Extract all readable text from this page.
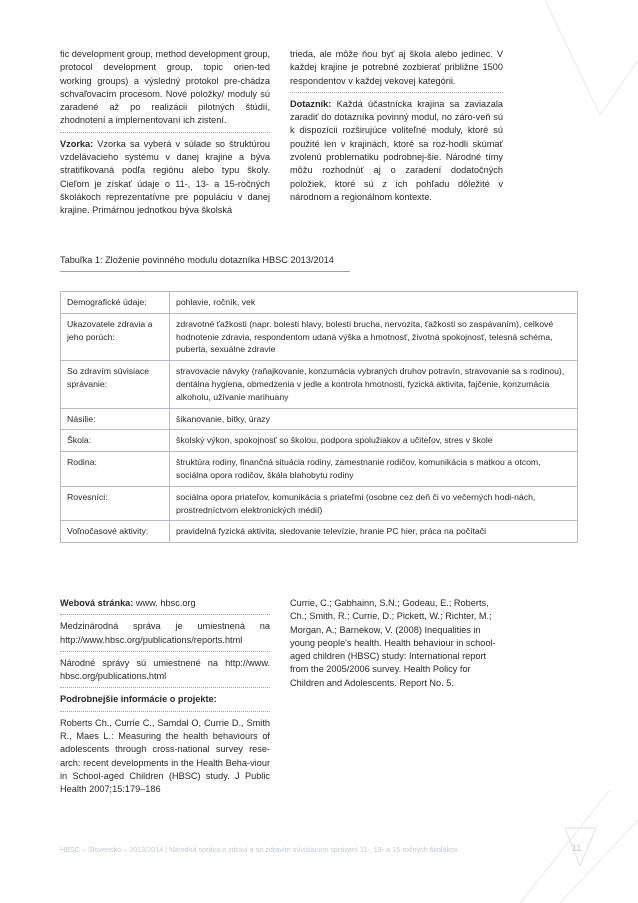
fic development group, method development group, protocol development group, topic orien-ted working groups) a výsledný protokol pre-chádza schvaľovacím procesom. Nové položky/ moduly sú zaradené až po realizácii pilotných štúdií, zhodnotení a implementovaní ich zistení.

Vzorka: Vzorka sa vyberá v súlade so štruktúrou vzdelávacieho systému v danej krajine a býva stratifikovaná podľa regiónu alebo typu školy. Cieľom je získať údaje o 11-, 13- a 15-ročných školákoch reprezentatívne pre populáciu v danej krajine. Primárnou jednotkou býva školská

trieda, ale môže ňou byť aj škola alebo jedinec. V každej krajine je potrebné zozbierať približne 1500 respondentov v každej vekovej kategórii.

Dotazník: Každá účastnícka krajina sa zaviazala zaradiť do dotazníka povinný modul, no záro-veň sú k dispozícii rozširujúce voliteľné moduly, ktoré sú použité len v krajinách, ktoré sa roz-hodli skúmať zvolenú problematiku podrobnej-šie. Národné tímy môžu rozhodnúť aj o zaradení dodatočných položiek, ktoré sú z ich pohľadu dôležité v národnom a regionálnom kontexte.

Tabuľka 1: Zloženie povinného modulu dotazníka HBSC 2013/2014
Demografické údaje:	pohlavie, ročník, vek
Ukazovatele zdravia a jeho porúch:	zdravotné ťažkosti (napr. bolesti hlavy, bolesti brucha, nervozita, ťažkosti so zaspávaním), celkové hodnotenie zdravia, respondentom udaná výška a hmotnosť, životná spokojnosť, telesná schéma, puberta, sexuálne zdravie
So zdravím súvisiace správanie:	stravovacie návyky (raňajkovanie, konzumácia vybraných druhov potravín, stravovanie sa s rodinou), dentálna hygiena, obmedzenia v jedle a kontrola hmotnosti, fyzická aktivita, fajčenie, konzumácia alkoholu, užívanie marihuany
Násilie:	šikanovanie, bitky, úrazy
Škola:	školský výkon, spokojnosť so školou, podpora spolužiakov a učiteľov, stres v škole
Rodina:	štruktúra rodiny, finančná situácia rodiny, zamestnanie rodičov, komunikácia s matkou a otcom, sociálna opora rodičov, škála blahobytu rodiny
Rovesníci:	sociálna opora priateľov, komunikácia s priateľmi (osobne cez deň či vo večerných hodi-nách, prostredníctvom elektronických médií)
Voľnočasové aktivity:	pravidelná fyzická aktivita, sledovanie televízie, hranie PC hier, práca na počítači

Webová stránka: www. hbsc.org

Medzinárodná správa je umiestnená na http://www.hbsc.org/publications/reports.html

Národné správy sú umiestnené na http://www. hbsc.org/publications.html

Podrobnejšie informácie o projekte:

Roberts Ch., Currie C., Samdal O, Currie D., Smith R., Maes L.: Measuring the health behaviours of adolescents through cross-national survey rese-arch: recent developments in the Health Beha-viour in School-aged Children (HBSC) study. J Public Health 2007;15:179–186

Currie, C.; Gabhainn, S.N.; Godeau, E.; Roberts, Ch.; Smith, R.; Currie, D.; Pickett, W.; Richter, M.; Morgan, A.; Barnekow, V. (2008) Inequalities in young people's health. Health behaviour in school-aged children (HBSC) study: International report from the 2005/2006 survey. Health Policy for Children and Adolescents. Report No. 5.

HBSC – Slovensko – 2013/2014 | Národná správa o zdraví a so zdravím súvisiacom správaní 11-, 13- a 15-ročných školákov	11
